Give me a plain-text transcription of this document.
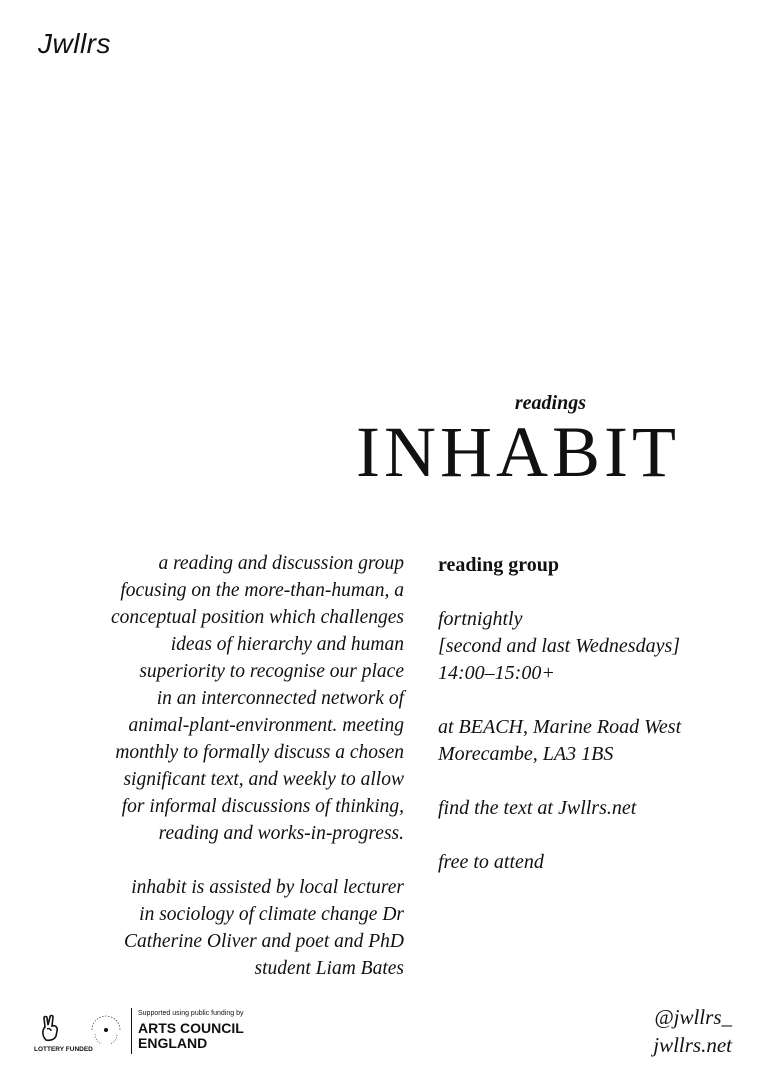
Jwllrs
readings
INHABIT

a reading and discussion group

focusing on the more-than-human, a

conceptual position which challenges

ideas of hierarchy and human

superiority to recognise our place

in an interconnected network of

animal-plant-environment. meeting

monthly to formally discuss a chosen

significant text, and weekly to allow

for informal discussions of thinking,

reading and works-in-progress.

inhabit is assisted by local lecturer

in sociology of climate change Dr

Catherine Oliver and poet and PhD

student Liam Bates

reading group
fortnightly
[second and last Wednesdays]
14:00–15:00+
at BEACH, Marine Road West
Morecambe, LA3 1BS
find the text at Jwllrs.net
free to attend
@jwllrs_
jwllrs.net
Supported using public funding by
ARTS COUNCIL
ENGLAND
LOTTERY FUNDED
